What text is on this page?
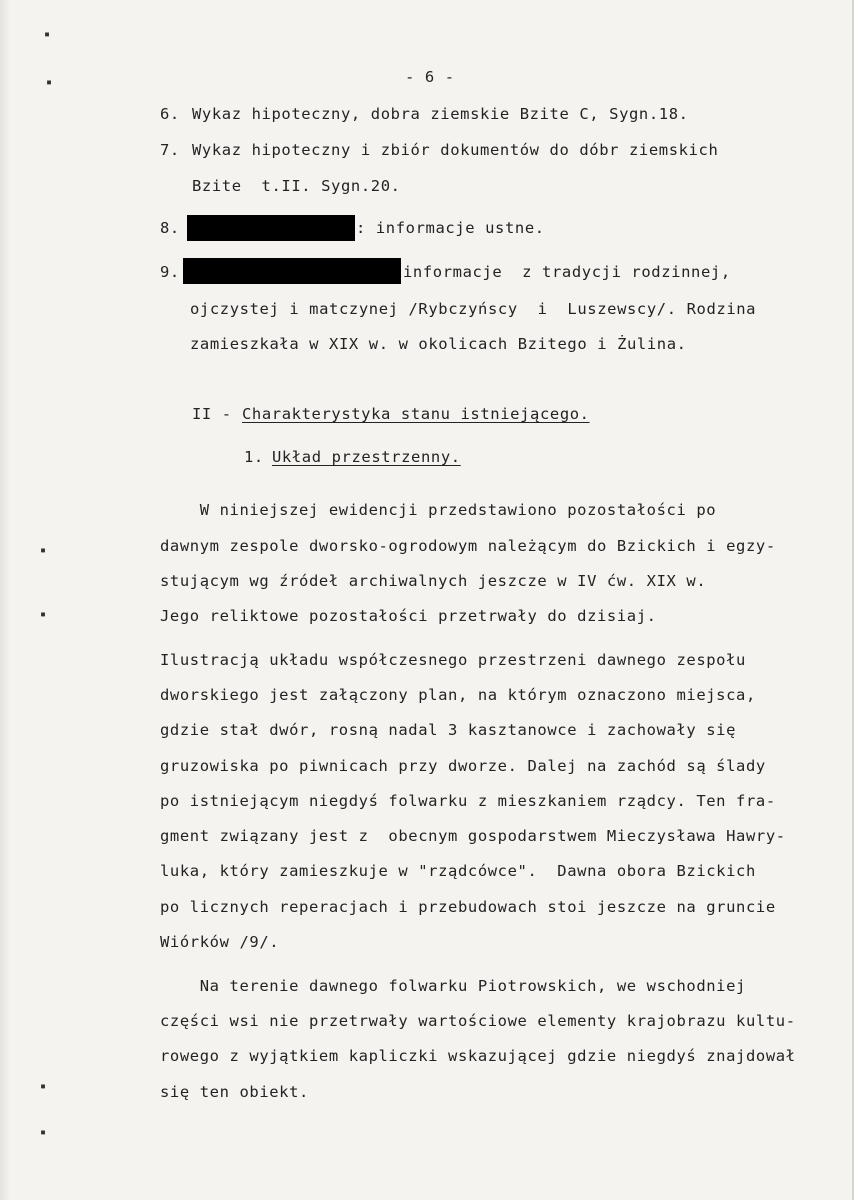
▪
▪
▪
▪
▪
▪
- 6 -
6. Wykaz hipoteczny, dobra ziemskie Bzite C, Sygn.18.
7. Wykaz hipoteczny i zbiór dokumentów do dóbr ziemskich
Bzite  t.II. Sygn.20.
8.	: informacje ustne.
9.	informacje  z tradycji rodzinnej,
ojczystej i matczynej /Rybczyńscy  i  Luszewscy/. Rodzina
zamieszkała w XIX w. w okolicach Bzitego i Żulina.
II - Charakterystyka stanu istniejącego.
1. Układ przestrzenny.
W niniejszej ewidencji przedstawiono pozostałości po
dawnym zespole dworsko-ogrodowym należącym do Bzickich i egzy-
stującym wg źródeł archiwalnych jeszcze w IV ćw. XIX w.
Jego reliktowe pozostałości przetrwały do dzisiaj.
Ilustracją układu współczesnego przestrzeni dawnego zespołu
dworskiego jest załączony plan, na którym oznaczono miejsca,
gdzie stał dwór, rosną nadal 3 kasztanowce i zachowały się
gruzowiska po piwnicach przy dworze. Dalej na zachód są ślady
po istniejącym niegdyś folwarku z mieszkaniem rządcy. Ten fra-
gment związany jest z  obecnym gospodarstwem Mieczysława Hawry-
luka, który zamieszkuje w "rządcówce".  Dawna obora Bzickich
po licznych reperacjach i przebudowach stoi jeszcze na gruncie
Wiórków /9/.
Na terenie dawnego folwarku Piotrowskich, we wschodniej
części wsi nie przetrwały wartościowe elementy krajobrazu kultu-
rowego z wyjątkiem kapliczki wskazującej gdzie niegdyś znajdował
się ten obiekt.
